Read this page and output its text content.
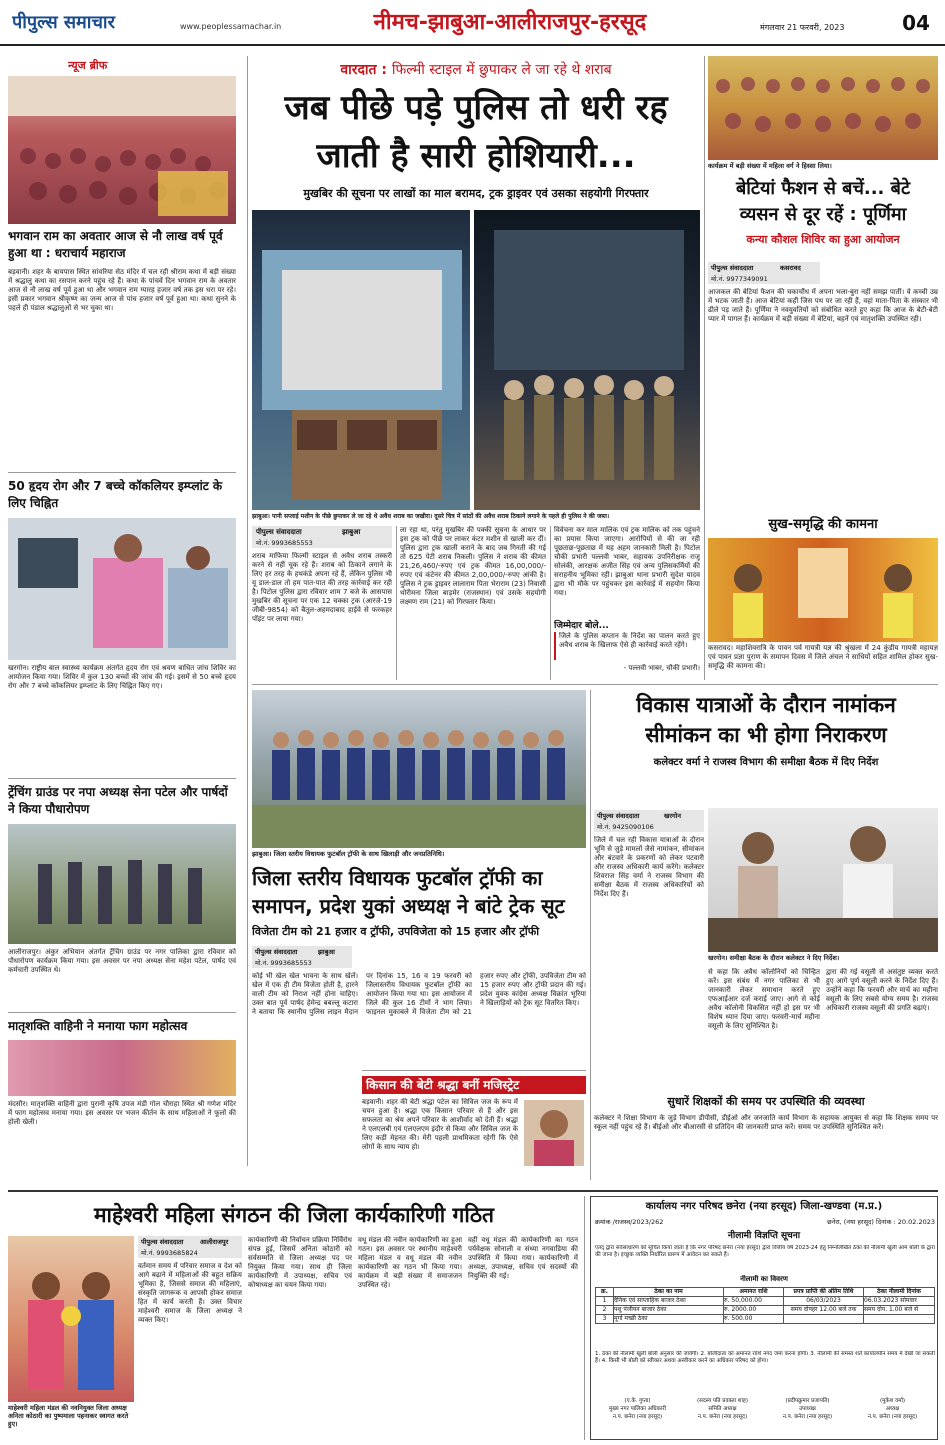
पीपुल्स समाचार	www.peoplessamachar.in	नीमच-झाबुआ-आलीराजपुर-हरसूद	मंगलवार 21 फरवरी, 2023	04
न्यूज ब्रीफ
भगवान राम का अवतार आज से नौ लाख वर्ष पूर्व हुआ था : धराचार्य महाराज
बड़वानी। शहर के बायपास स्थित सांवरिया सेठ मंदिर में चल रही श्रीराम कथा में बड़ी संख्या में श्रद्धालु कथा का रसपान करने पहुंच रहे हैं। कथा के पांचवें दिन भगवान राम के अवतार आज से नौ लाख वर्ष पूर्व हुआ था और भगवान राम ग्यारह हजार वर्ष तक इस धरा पर रहे। इसी प्रकार भगवान श्रीकृष्ण का जन्म आज से पांच हजार वर्ष पूर्व हुआ था। कथा सुनने के पहले ही पंडाल श्रद्धालुओं से भर चुका था।
50 हृदय रोग और 7 बच्चे कॉकलियर इम्प्लांट के लिए चिह्नित
खरगोन। राष्ट्रीय बाल स्वास्थ्य कार्यक्रम अंतर्गत हृदय रोग एवं श्रवण बाधित जांच शिविर का आयोजन किया गया। शिविर में कुल 130 बच्चों की जांच की गई। इसमें से 50 बच्चे हृदय रोग और 7 बच्चे कॉकलियर इम्प्लांट के लिए चिह्नित किए गए।
ट्रेंचिंग ग्राउंड पर नपा अध्यक्ष सेना पटेल और पार्षदों ने किया पौधारोपण
आलीराजपुर। अंकुर अभियान अंतर्गत ट्रेंचिंग ग्राउंड पर नगर पालिका द्वारा रविवार को पौधारोपण कार्यक्रम किया गया। इस अवसर पर नपा अध्यक्ष सेना महेश पटेल, पार्षद एवं कर्मचारी उपस्थित थे।
मातृशक्ति वाहिनी ने मनाया फाग महोत्सव
मंदसौर। मातृशक्ति वाहिनी द्वारा पुरानी कृषि उपज मंडी गोल चौराहा स्थित श्री गणेश मंदिर में फाग महोत्सव मनाया गया। इस अवसर पर भजन कीर्तन के साथ महिलाओं ने फूलों की होली खेली।
वारदात : फिल्मी स्टाइल में छुपाकर ले जा रहे थे शराब
जब पीछे पड़े पुलिस तो धरी रह
जाती है सारी होशियारी...
मुखबिर की सूचना पर लाखों का माल बरामद, ट्रक ड्राइवर एवं उसका सहयोगी गिरफ्तार
झाबुआ। पानी सप्लाई मशीन के पीछे छुपाकर ले जा रहे थे अवैध शराब का जखीरा। दूसरे चित्र में सांठों की अवैध शराब ठिकाने लगाने के पहले ही पुलिस ने की जब्त।
पीपुल्स संवाददाता	झाबुआ
मो.नं. 9993685553
शराब माफिया फिल्मी स्टाइल से अवैध शराब तस्करी करने से नहीं चूक रहे हैं। शराब को ठिकाने लगाने के लिए हर तरह के हथकंडे अपना रहे हैं, लेकिन पुलिस भी यू डाल-डाल तो हम पात-पात की तरह कार्रवाई कर रही है। पिटोल पुलिस द्वारा रविवार शाम 7 बजे के आसपास मुखबिर की सूचना पर एक 12 चक्का ट्रक (आरजे-19 जीबी-9854) को बैतूल-अहमदाबाद हाईवे से फरकहर पॉइंट पर लाया गया।
ला रहा था, परंतु मुखबिर की पक्की सूचना के आधार पर इस ट्रक को पीछे पर लाकर कंटर मशीन से खाली कर दीं। पुलिस द्वारा ट्रक खाली कराने के बाद जब गिनती की गई तो 625 पेटी शराब निकली। पुलिस ने शराब की कीमत 21,26,460/-रुपए एवं ट्रक कीमत 16,00,000/-रुपए एवं कंटेनर की कीमत 2,00,000/-रुपए आंकी है। पुलिस ने ट्रक ड्राइवर लालाराम पिता भेराराम (23) निवासी थोरीमना जिला बाड़मेर (राजस्थान) एवं उसके सहयोगी लक्ष्मण राम (21) को गिरफ्तार किया।
विवेचना कर माल मालिक एवं ट्रक मालिक को तक पहुंचने का प्रयास किया जाएगा। आरोपियों से की जा रही पूछताछ-पूछताछ में यह अहम जानकारी मिली है। पिटोल चौकी प्रभारी पल्लवी भाबर, सहायक उपनिरीक्षक राजू सोलंकी, आरक्षक अजीत सिंह एवं अन्य पुलिसकर्मियों की सराहनीय भूमिका रही। झाबुआ थाना प्रभारी सुदेश यादव द्वारा भी मौके पर पहुंचकर इस कार्रवाई में सहयोग किया गया।
जिम्मेदार बोले...
जिले के पुलिस कप्तान के निर्देश का पालन करते हुए अवैध शराब के खिलाफ ऐसे ही कार्रवाई करते रहेंगे।
- पल्लवी भाबर, चौकी प्रभारी।
कार्यक्रम में बड़ी संख्या में महिला वर्ग ने हिस्सा लिया।
बेटियां फैशन से बचें... बेटे
व्यसन से दूर रहें : पूर्णिमा
कन्या कौशल शिविर का हुआ आयोजन
पीपुल्स संवाददाता	कसरावद
मो.नं. 9977349091
आजकल की बेटियां फैशन की चकाचौंध में अपना भला-बुरा नहीं समझ पातीं। वे कच्ची उम्र में भटक जाती हैं। आज बेटियां कहीं जिस पथ पर जा रही हैं, वहां माता-पिता के संस्कार भी ढीले पड़ जाते हैं। पूर्णिमा ने नवयुवतियों को संबोधित करते हुए कहा कि आज के बेटी-बेटी प्यार में पागल हैं। कार्यक्रम में बड़ी संख्या में बेटियां, बहनें एवं मातृशक्ति उपस्थित रही।
सुख-समृद्धि की कामना
कसरावद। महाशिवरात्रि के पावन पर्व गायत्री यज्ञ की श्रृंखला में 24 कुंडीय गायत्री महायज्ञ एवं पावन प्रज्ञा पुराण के समापन दिवस में जिले अंचल ने साधियों सहित शामिल होकर सुख-समृद्धि की कामना की।
झाबुआ। जिला स्तरीय विधायक फुटबॉल ट्रॉफी के साथ खिलाड़ी और जनप्रतिनिधि।
जिला स्तरीय विधायक फुटबॉल ट्रॉफी का
समापन, प्रदेश युकां अध्यक्ष ने बांटे ट्रेक सूट
विजेता टीम को 21 हजार व ट्रॉफी, उपविजेता को 15 हजार और ट्रॉफी
पीपुल्स संवाददाता	झाबुआ
मो.नं. 9993685553
कोई भी खेल खेल भावना के साथ खेलें। खेल में एक ही टीम विजेता होती है, हारने वाली टीम को निराश नहीं होना चाहिए। उक्त बात पूर्व पार्षद हेमेन्द्र बबल्लू कटारा ने बताया कि स्थानीय पुलिस लाइन मैदान पर दिनांक 15, 16 व 19 फरवरी को जिलास्तरीय विधायक फुटबॉल ट्रॉफी का आयोजन किया गया था। इस आयोजन में जिले की कुल 16 टीमों ने भाग लिया। फाइनल मुकाबले में विजेता टीम को 21 हजार रुपए और ट्रॉफी, उपविजेता टीम को 15 हजार रुपए और ट्रॉफी प्रदान की गई। प्रदेश युवक कांग्रेस अध्यक्ष विक्रांत भूरिया ने खिलाड़ियों को ट्रेक सूट वितरित किए।
किसान की बेटी श्रद्धा बनीं मजिस्ट्रेट
बड़वानी। शहर की बेटी श्रद्धा पटेल का सिविल जज के रूप में चयन हुआ है। श्रद्धा एक किसान परिवार से हैं और इस सफलता का श्रेय अपने परिवार के आशीर्वाद को देती हैं। श्रद्धा ने एलएलबी एवं एलएलएम इंदौर से किया और सिविल जज के लिए कड़ी मेहनत की। मेरी पहली प्राथमिकता रहेगी कि ऐसे लोगों के साथ न्याय हो।
विकास यात्राओं के दौरान नामांकन
सीमांकन का भी होगा निराकरण
कलेक्टर वर्मा ने राजस्व विभाग की समीक्षा बैठक में दिए निर्देश
पीपुल्स संवाददाता	खरगोन
मो.नं. 9425090106
जिले में चल रही विकास यात्राओं के दौरान भूमि से जुड़े मामलों जैसे नामांकन, सीमांकन और बंटवारे के प्रकरणों को लेकर पटवारी और राजस्व अधिकारी कार्य करेंगे। कलेक्टर शिवराज सिंह वर्मा ने राजस्व विभाग की समीक्षा बैठक में राजस्व अधिकारियों को निर्देश दिए हैं।
खरगोन। समीक्षा बैठक के दौरान कलेक्टर ने दिए निर्देश।
से कहा कि अवैध कॉलोनियों को चिन्हित करें। इस संबंध में नगर पालिका से भी जानकारी लेकर समाधान करते हुए एफआईआर दर्ज कराई जाए। आगे से कोई अवैध कॉलोनी विकसित नहीं हो इस पर भी विशेष ध्यान दिया जाए। फरवरी-मार्च महीना वसूली के लिए सुनिश्चित है।
द्वारा की गई वसूली से असंतुष्ट व्यक्त करते हुए आगे पूर्ण वसूली करने के निर्देश दिए हैं। उन्होंने कहा कि फरवरी और मार्च का महीना वसूली के लिए सबसे योग्य समय है। राजस्व अधिकारी राजस्व वसूली की प्रगति बढ़ाएं।
सुधारें शिक्षकों की समय पर उपस्थिति की व्यवस्था
कलेक्टर ने शिक्षा विभाग के जुड़े विभाग डीपीसी, डीईओ और जनजाति कार्य विभाग के सहायक आयुक्त से कहा कि शिक्षक समय पर स्कूल नहीं पहुंच रहे हैं। बीईओ और बीआरसी से प्रतिदिन की जानकारी प्राप्त करें। समय पर उपस्थिति सुनिश्चित करें।
माहेश्वरी महिला संगठन की जिला कार्यकारिणी गठित
माहेश्वरी महिला मंडल की नवनियुक्त जिला अध्यक्ष अनिता कोठारी का पुष्पमाला पहनाकर स्वागत करते हुए।
पीपुल्स संवाददाता	आलीराजपुर
मो.नं. 9993685824
वर्तमान समय में परिवार समाज व देश को आगे बढ़ाने में महिलाओं की बहुत सक्रिय भूमिका है, जिससे समाज की महिलाएं, संस्कृति जागरूक व आपसी होकर समाज हित में कार्य करती हैं। उक्त विचार माहेश्वरी समाज के जिला अध्यक्ष ने व्यक्त किए।
कार्यकारिणी की निर्वाचन प्रक्रिया निर्विरोध संपन्न हुई, जिसमें अनिता कोठारी को सर्वसम्मति से जिला अध्यक्ष पद पर नियुक्त किया गया। साथ ही जिला कार्यकारिणी में उपाध्यक्ष, सचिव एवं कोषाध्यक्ष का चयन किया गया।
वधू मंडल की नवीन कार्यकारिणी का हुआ गठन। इस अवसर पर स्थानीय माहेश्वरी महिला मंडल व वधू मंडल की नवीन कार्यकारिणी का गठन भी किया गया। कार्यक्रम में बड़ी संख्या में समाजजन उपस्थित रहे।
वहीं वधू मंडल की कार्यकारिणी का गठन पर्यवेक्षक सोनाली व संध्या नगवाडिया की उपस्थिति में किया गया। कार्यकारिणी में अध्यक्ष, उपाध्यक्ष, सचिव एवं सदस्यों की नियुक्ति की गई।
कार्यालय नगर परिषद छनेरा (नया हरसूद) जिला-खण्डवा (म.प्र.)
क्रमांक /राजस्व/2023/262	छनेरा, (नया हरसूद) दिनांक : 20.02.2023
नीलामी विज्ञप्ति सूचना
एतद् द्वारा सर्वसाधारण को सूचित किया जाता है कि नगर परिषद छनेरा (नया हरसूद) द्वारा वित्तीय वर्ष 2023-24 हेतु निम्नलिखित ठेका की नीलामी खुली आम बोली के द्वारा की जाना है। इच्छुक व्यक्ति निर्धारित प्रारूप में आवेदन कर सकते हैं।
नीलामी का विवरण
क्र.	ठेका का नाम	अमानत राशि	प्रपत्र प्राप्ति की अंतिम तिथि	ठेका नीलामी दिनांक
1	दैनिक एवं साप्ताहिक बाजार ठेका	रु. 50,000.00	06/03/2023	06.03.2023 सोमवार
2	पशु पंजीयन बाजार ठेका	रु. 2000.00	समय दोपहर 12.00 बजे तक	समय दोप. 1.00 बजे से
3	मुर्गा मच्छी ठेका	रु. 500.00		
1. ठेका की नीलामी खुली बोली अनुसार की जावेगी। 2. बोलीदाता को अमानत राशि नगद जमा करना होगी। 3. नीलामी की समस्त शर्तें कार्यालयीन समय में देखी जा सकती हैं। 4. किसी भी बोली को स्वीकार अथवा अस्वीकार करने का अधिकार परिषद को होगा।
(ए.के. गुप्ता)
मुख्य नगर पालिका अधिकारी
न.प. छनेरा (नया हरसूद)
(सदस्य पति प्रवक्ता शाह)
समिति अध्यक्ष
न.प. छनेरा (नया हरसूद)
(प्रदीपक्रुमार प्रजापति)
उपाध्यक्ष
न.प. छनेरा (नया हरसूद)
(मुकेश वर्मा)
अध्यक्ष
न.प. छनेरा (नया हरसूद)
